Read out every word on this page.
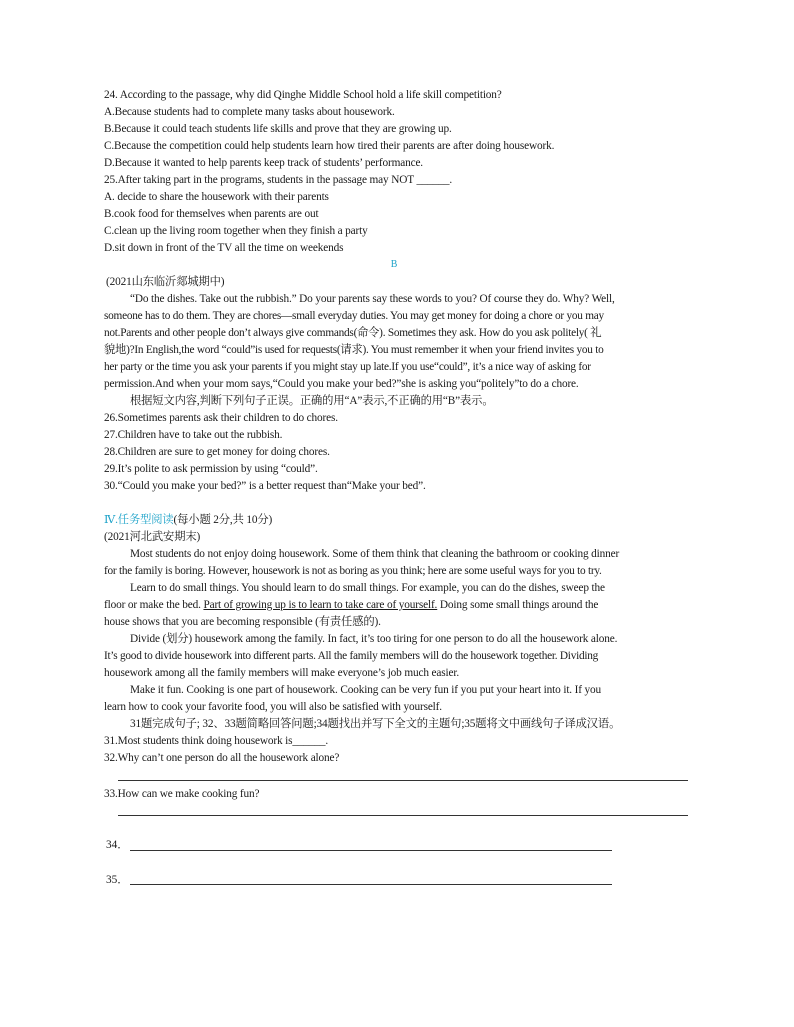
24. According to the passage, why did Qinghe Middle School hold a life skill competition?
A.Because students had to complete many tasks about housework.
B.Because it could teach students life skills and prove that they are growing up.
C.Because the competition could help students learn how tired their parents are after doing housework.
D.Because it wanted to help parents keep track of students’ performance.
25.After taking part in the programs, students in the passage may NOT ______.
A. decide to share the housework with their parents
B.cook food for themselves when parents are out
C.clean up the living room together when they finish a party
D.sit down in front of the TV all the time on weekends
B
(2021山东临沂郯城期中)
“Do the dishes. Take out the rubbish.” Do your parents say these words to you? Of course they do. Why? Well,
someone has to do them. They are chores—small everyday duties. You may get money for doing a chore or you may
not.Parents and other people don’t always give commands(命令). Sometimes they ask. How do you ask politely( 礼
貌地)?In English,the word “could”is used for requests(请求). You must remember it when your friend invites you to
her party or the time you ask your parents if you might stay up late.If you use“could”, it’s a nice way of asking for
permission.And when your mom says,“Could you make your bed?”she is asking you“politely”to do a chore.
根据短文内容,判断下列句子正误。正确的用“A”表示,不正确的用“B”表示。
26.Sometimes parents ask their children to do chores.
27.Children have to take out the rubbish.
28.Children are sure to get money for doing chores.
29.It’s polite to ask permission by using “could”.
30.“Could you make your bed?” is a better request than“Make your bed”.
Ⅳ.任务型阅读(每小题 2分,共 10分)
(2021河北武安期末)
Most students do not enjoy doing housework. Some of them think that cleaning the bathroom or cooking dinner
for the family is boring. However, housework is not as boring as you think; here are some useful ways for you to try.
Learn to do small things. You should learn to do small things. For example, you can do the dishes, sweep the
floor or make the bed. Part of growing up is to learn to take care of yourself. Doing some small things around the
house shows that you are becoming responsible (有责任感的).
Divide (划分) housework among the family. In fact, it’s too tiring for one person to do all the housework alone.
It’s good to divide housework into different parts. All the family members will do the housework together. Dividing
housework among all the family members will make everyone’s job much easier.
Make it fun. Cooking is one part of housework. Cooking can be very fun if you put your heart into it. If you
learn how to cook your favorite food, you will also be satisfied with yourself.
31题完成句子; 32、33题简略回答问题;34题找出并写下全文的主题句;35题将文中画线句子译成汉语。
31.Most students think doing housework is______.
32.Why can’t one person do all the housework alone?
33.How can we make cooking fun?
34．
35．
